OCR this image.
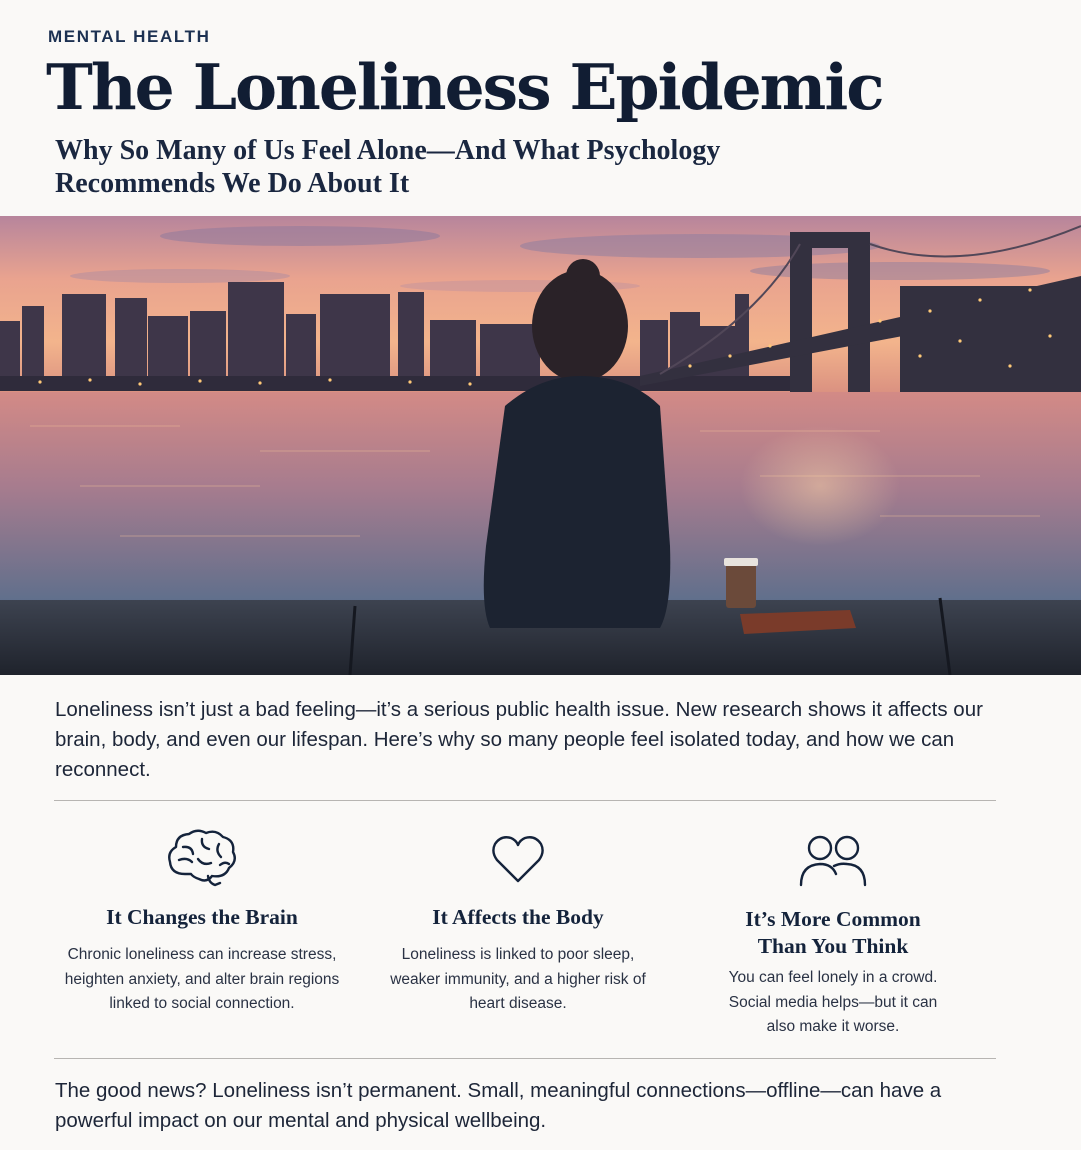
MENTAL HEALTH
The Loneliness Epidemic
Why So Many of Us Feel Alone—And What Psychology
Recommends We Do About It

Loneliness isn’t just a bad feeling—it’s a serious public health issue. New research shows it affects our brain, body, and even our lifespan. Here’s why so many people feel isolated today, and how we can reconnect.

It Changes the Brain

Chronic loneliness can increase stress, heighten anxiety, and alter brain regions linked to social connection.

It Affects the Body

Loneliness is linked to poor sleep, weaker immunity, and a higher risk of heart disease.

It’s More Common
Than You Think

You can feel lonely in a crowd. Social media helps—but it can also make it worse.

The good news? Loneliness isn’t permanent. Small, meaningful connections—offline—can have a powerful impact on our mental and physical wellbeing.
